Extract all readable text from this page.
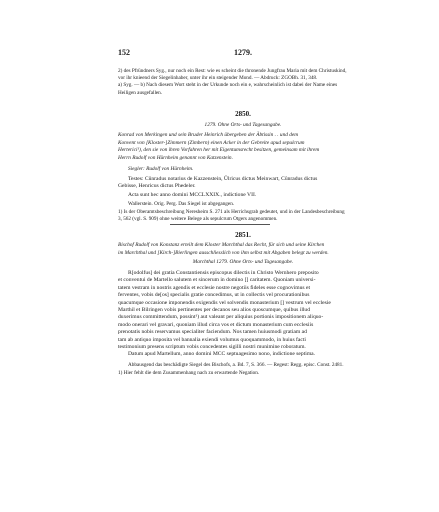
152	1279.
2) des Pfründners Syg., nur noch ein Rest: wie es scheint die thronende Jungfrau Maria mit dem Christuskind,
vor ihr knieend der Siegelinhaber, unter ihr ein steigender Mond. — Abdruck: ZGOBh. 31, 348.
a) Syg. — b) Nach diesem Wort steht in der Urkunde noch ein e, wahrscheinlich ist dabei der Name eines
Heiligen ausgefallen.
2850.
1279. Ohne Orts- und Tagesangabe.
Konrad von Merkingen und sein Bruder Heinrich übergeben der Äbtissin . . und dem
Konvent von [Kloster-]Zimmern (Zimbern) einen Acker in der Gebreite apud sepulcrum
Herterici¹), den sie von ihren Vorfahren her mit Eigentumsrecht besitzen, gemeinsam mit ihrem
Herrn Rudolf von Hürnheim genannt von Katzenstein.
Siegler: Rudolf von Hürnheim.
Testes: Cûnradus notarius de Kazzenstein, Ûlricus dictus Meinwart, Cûnradus dictus
Gebisse, Henricus dictus Phedeler.
Acta sunt hec anno domini MCCLXXIX., indictione VII.
Wallerstein. Orig. Perg. Das Siegel ist abgegangen.
1) Is der Oberamtsbeschreibung Neresheim S. 271 als Herrichsgrab gedeutet, und in der Landesbeschreibung
3, 562 (vgl. S. 909) ohne weitere Belege als sepulcrum Otgers angenommen.
2851.
Bischof Rudolf von Konstanz erteilt dem Kloster Marchthal das Recht, für sich und seine Kirchen
im Marchthal und [Kirch-]Bierlingen ausschliesslich von ihm selbst mit Abgaben belegt zu werden.
Marchthal 1279. Ohne Orts- und Tagesangabe.
R[odolfus] dei gratia Constantiensis episcopus dilectis in Christo Wernhero preposito
et conventui de Martello salutem et sincerum in domino [] caritatem. Quoniam universi-
tatem vestram in nostris agendis et ecclesie nostre negotiis fideles esse cognovimus et
ferventes, vobis de[os] specialis gratie concedimus, ut in collectis vel procurationibus
quacumque occasione imponendis exigendis vel solvendis monasterium [] vestrum vel ecclesie
Marthil et Bilringen vobis pertinentes per decanos seu alios quoscumque, quibus illud
duxerimus committendum, possint¹) aut valeant per aliquius portionis impositionem aliquo-
modo onerari vel gravari, quoniam illud circa vos et dictum monasterium cum ecclesiis
prenotatis nobis reservamus specialiter faciendum. Nos tamen huiusmodi gratiam ad
tam ab antiquo imposita vel bannalia exiendi volumus quoquammodo, in huius facti
testimonium presens scriptum vobis concedentes sigilli nostri munimine roboratum.
Datum apud Martellum, anno domini MCC septuagesimo nono, indictione septima.
Abbausgend das beschädigte Siegel des Bischofs, a. Bd. 7, S. 366. — Regest: Regg. episc. Const. 2481.
1) Hier fehlt die dem Zusammenhang nach zu erwartende Negation.
